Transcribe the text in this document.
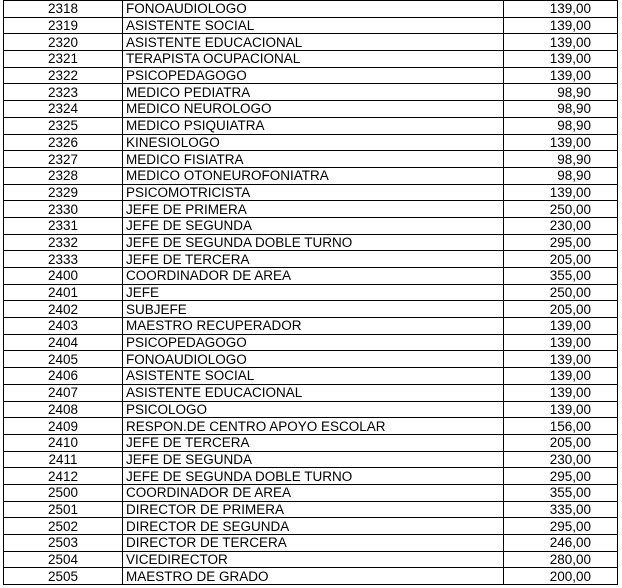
2318	FONOAUDIOLOGO	139,00
2319	ASISTENTE SOCIAL	139,00
2320	ASISTENTE EDUCACIONAL	139,00
2321	TERAPISTA OCUPACIONAL	139,00
2322	PSICOPEDAGOGO	139,00
2323	MEDICO PEDIATRA	98,90
2324	MEDICO NEUROLOGO	98,90
2325	MEDICO PSIQUIATRA	98,90
2326	KINESIOLOGO	139,00
2327	MEDICO FISIATRA	98,90
2328	MEDICO OTONEUROFONIATRA	98,90
2329	PSICOMOTRICISTA	139,00
2330	JEFE DE PRIMERA	250,00
2331	JEFE DE SEGUNDA	230,00
2332	JEFE DE SEGUNDA DOBLE TURNO	295,00
2333	JEFE DE TERCERA	205,00
2400	COORDINADOR DE AREA	355,00
2401	JEFE	250,00
2402	SUBJEFE	205,00
2403	MAESTRO RECUPERADOR	139,00
2404	PSICOPEDAGOGO	139,00
2405	FONOAUDIOLOGO	139,00
2406	ASISTENTE SOCIAL	139,00
2407	ASISTENTE EDUCACIONAL	139,00
2408	PSICOLOGO	139,00
2409	RESPON.DE CENTRO APOYO ESCOLAR	156,00
2410	JEFE DE TERCERA	205,00
2411	JEFE DE SEGUNDA	230,00
2412	JEFE DE SEGUNDA DOBLE TURNO	295,00
2500	COORDINADOR DE AREA	355,00
2501	DIRECTOR DE PRIMERA	335,00
2502	DIRECTOR DE SEGUNDA	295,00
2503	DIRECTOR DE TERCERA	246,00
2504	VICEDIRECTOR	280,00
2505	MAESTRO DE GRADO	200,00
